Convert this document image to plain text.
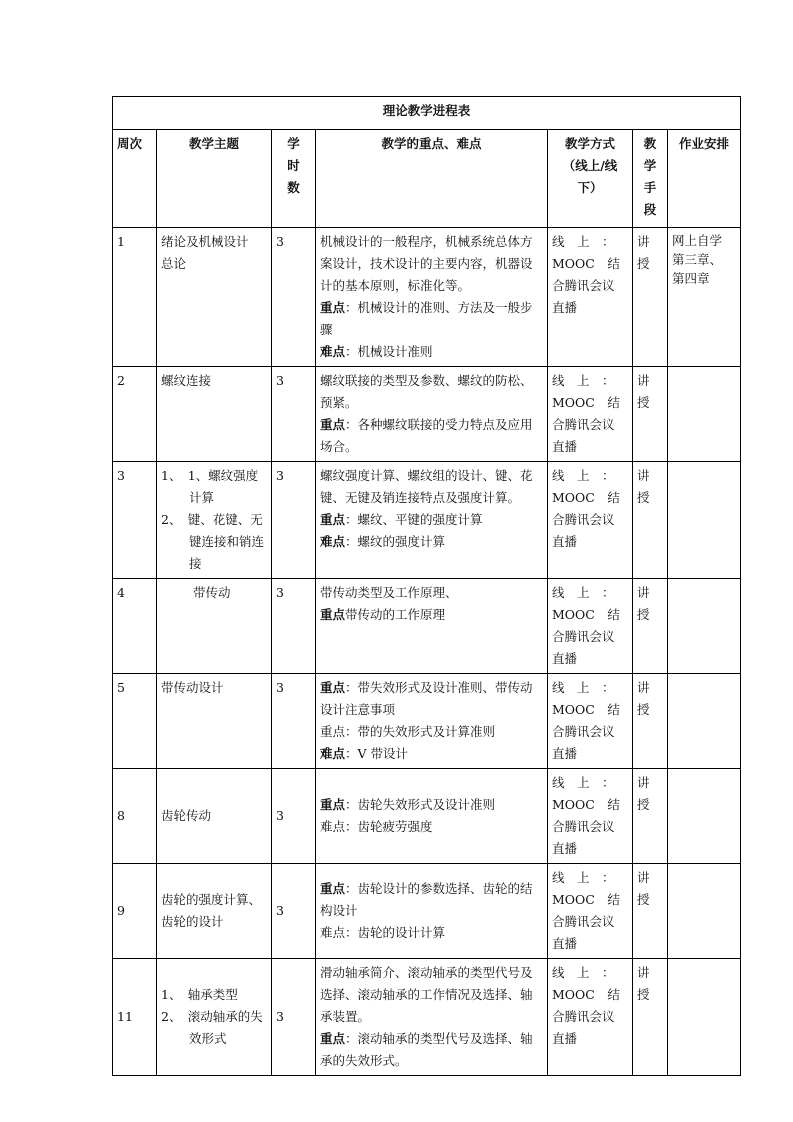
理论教学进程表						
周次	教学主题	学
时
数	教学的重点、难点	教学方式
（线上/线
下）	教
学
手
段	作业安排
1	绪论及机械设计
总论	3	机械设计的一般程序，机械系统总体方案设计，技术设计的主要内容，机器设计的基本原则，标准化等。
重点：机械设计的准则、方法及一般步骤
难点：机械设计准则	线　上　：
MOOC　结
合腾讯会议
直播	讲
授	网上自学
第三章、
第四章

2	螺纹连接	3	螺纹联接的类型及参数、螺纹的防松、预紧。
重点：各种螺纹联接的受力特点及应用场合。	线　上　：
MOOC　结
合腾讯会议
直播	讲
授	

3	1、　1、螺纹强度计算
2、　键、花键、无键连接和销连接	3	螺纹强度计算、螺纹组的设计、键、花键、无键及销连接特点及强度计算。
重点：螺纹、平键的强度计算
难点：螺纹的强度计算	线　上　：
MOOC　结
合腾讯会议
直播	讲
授	

4	带传动	3	带传动类型及工作原理、
重点带传动的工作原理	线　上　：
MOOC　结
合腾讯会议
直播	讲
授	

5	带传动设计	3	重点：带失效形式及设计准则、带传动设计注意事项
重点：带的失效形式及计算准则
难点：V 带设计	线　上　：
MOOC　结
合腾讯会议
直播	讲
授	

8	齿轮传动	3	重点：齿轮失效形式及设计准则
难点：齿轮疲劳强度	线　上　：
MOOC　结
合腾讯会议
直播	讲
授	

9	齿轮的强度计算、齿轮的设计	3	重点：齿轮设计的参数选择、齿轮的结构设计
难点：齿轮的设计计算	线　上　：
MOOC　结
合腾讯会议
直播	讲
授	

11	1、　轴承类型
2、　滚动轴承的失效形式	3	滑动轴承简介、滚动轴承的类型代号及选择、滚动轴承的工作情况及选择、轴承装置。
重点：滚动轴承的类型代号及选择、轴承的失效形式。	线　上　：
MOOC　结
合腾讯会议
直播	讲
授	
